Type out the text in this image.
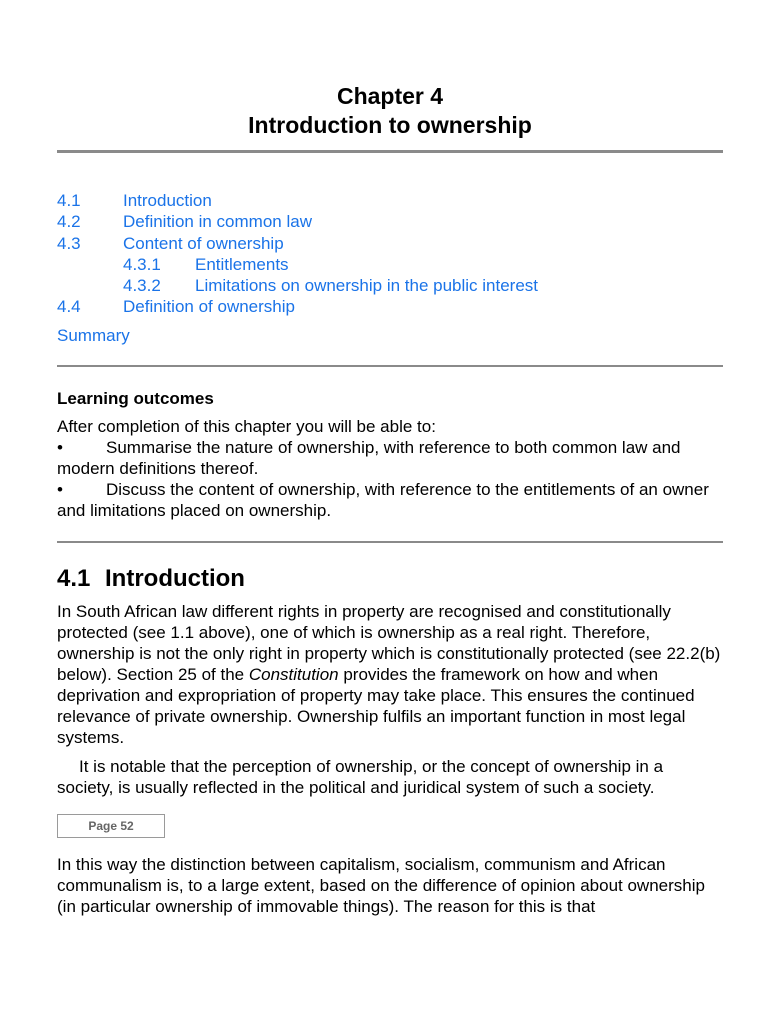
Chapter 4
Introduction to ownership
4.1 Introduction
4.2 Definition in common law
4.3 Content of ownership
4.3.1 Entitlements
4.3.2 Limitations on ownership in the public interest
4.4 Definition of ownership
Summary
Learning outcomes
After completion of this chapter you will be able to:
•	Summarise the nature of ownership, with reference to both common law and modern definitions thereof.
•	Discuss the content of ownership, with reference to the entitlements of an owner and limitations placed on ownership.
4.1 Introduction
In South African law different rights in property are recognised and constitutionally protected (see 1.1 above), one of which is ownership as a real right. Therefore, ownership is not the only right in property which is constitutionally protected (see 22.2(b) below). Section 25 of the Constitution provides the framework on how and when deprivation and expropriation of property may take place. This ensures the continued relevance of private ownership. Ownership fulfils an important function in most legal systems.
It is notable that the perception of ownership, or the concept of ownership in a society, is usually reflected in the political and juridical system of such a society.
Page 52
In this way the distinction between capitalism, socialism, communism and African communalism is, to a large extent, based on the difference of opinion about ownership (in particular ownership of immovable things). The reason for this is that
